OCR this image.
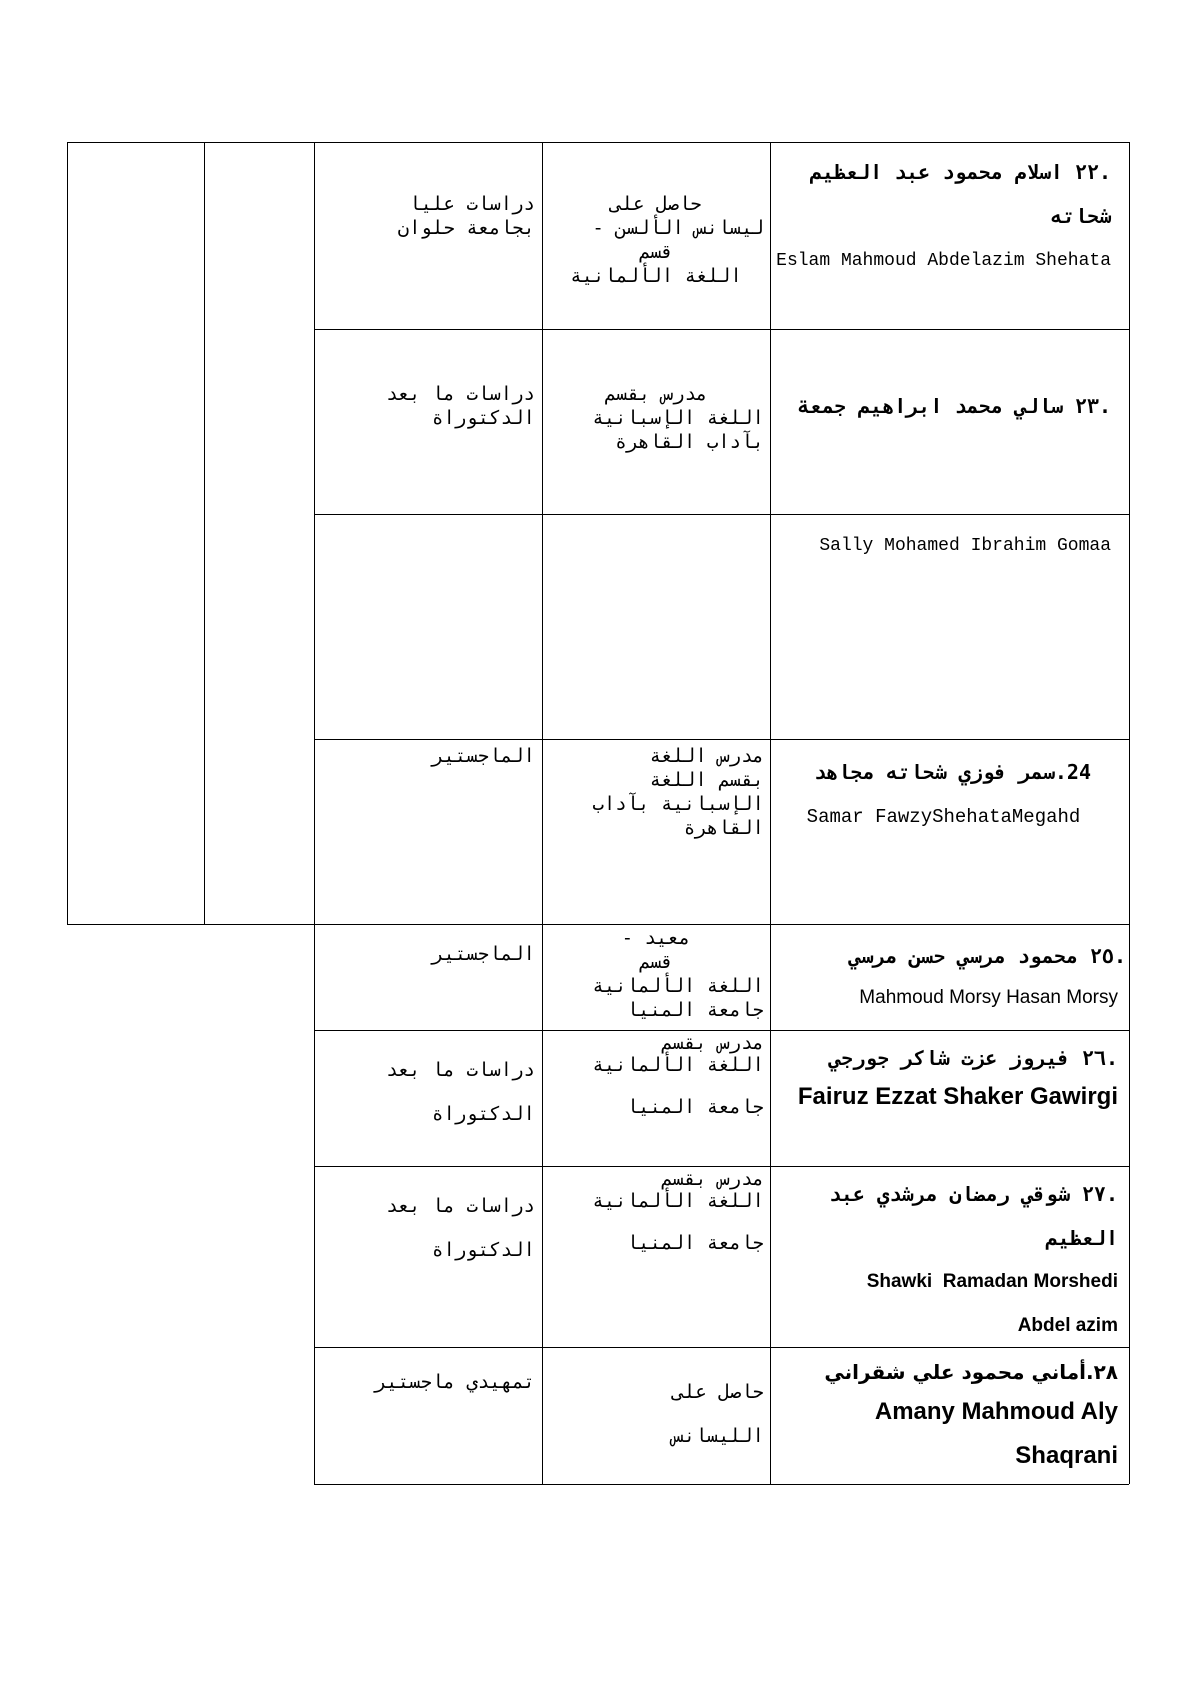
.٢٢ اسلام محمود عبد العظيم شحاته
Eslam Mahmoud Abdelazim Shehata
حاصل على
ليسانس الألسن -
قسم
اللغة الألمانية
دراسات عليا
بجامعة حلوان
.٢٣ سالي محمد ابراهيم جمعة
Sally Mohamed Ibrahim Gomaa
مدرس بقسم
اللغة الإسبانية
بآداب القاهرة
دراسات ما بعد
الدكتوراة
24.سمر فوزي شحاته مجاهد
Samar FawzyShehataMegahd
مدرس اللغة
بقسم اللغة
الإسبانية بآداب
القاهرة
الماجستير
.٢٥ محمود مرسي حسن مرسي
Mahmoud Morsy Hasan Morsy
معيد -
قسم
اللغة الألمانية
جامعة المنيا
الماجستير
.٢٦ فيروز عزت شاكر جورجي
Fairuz Ezzat Shaker Gawirgi
مدرس بقسم
اللغة الألمانية
جامعة المنيا
دراسات ما بعد
الدكتوراة
.٢٧ شوقي رمضان مرشدي عبد العظيم
Shawki  Ramadan Morshedi Abdel azim
مدرس بقسم
اللغة الألمانية
جامعة المنيا
دراسات ما بعد
الدكتوراة
٢٨.أماني محمود علي شقراني
Amany Mahmoud Aly Shaqrani
حاصل على
الليسانس
تمهيدي ماجستير
